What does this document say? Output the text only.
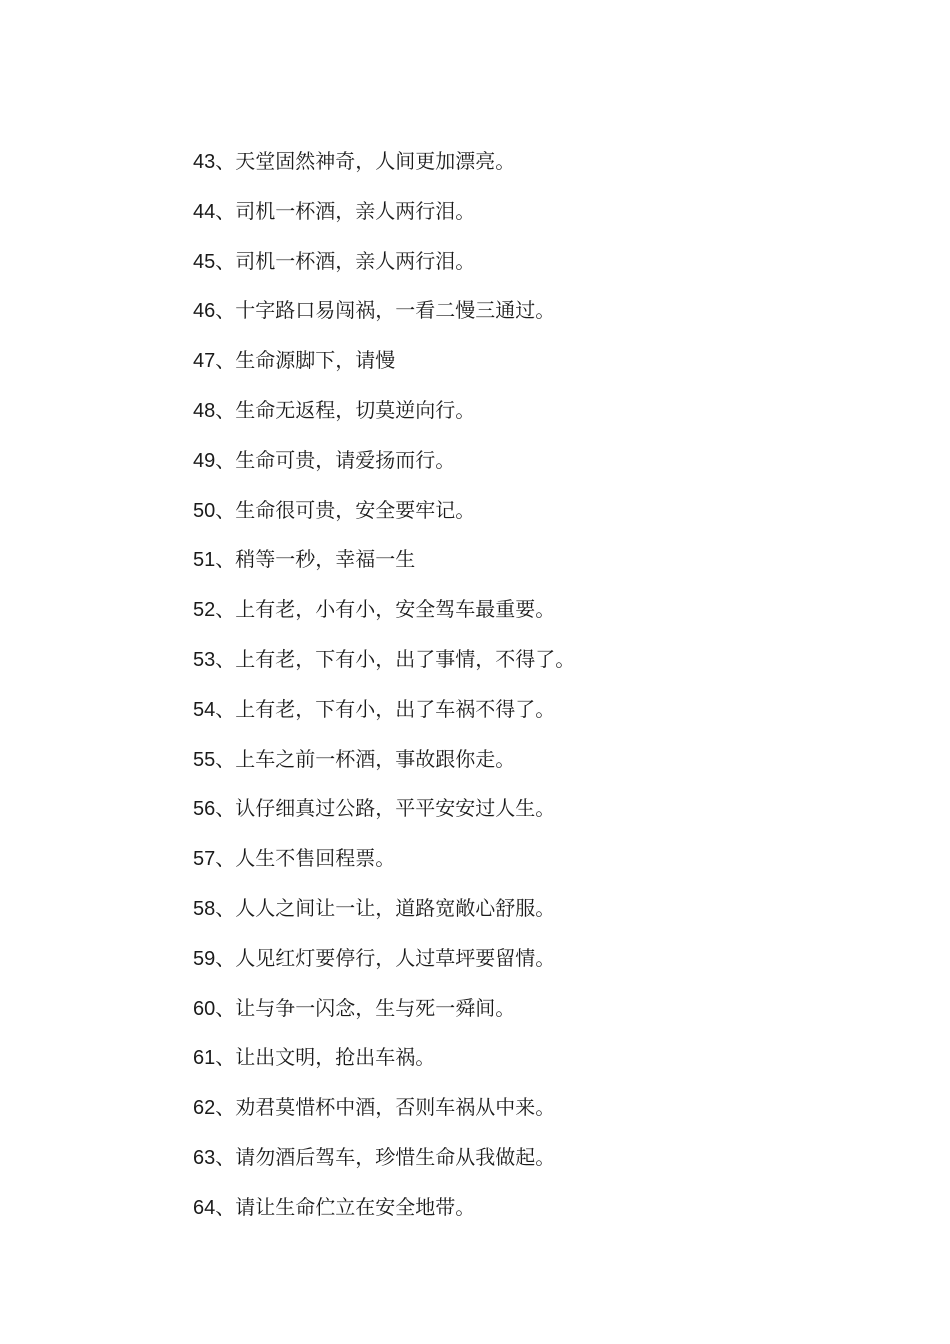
43、天堂固然神奇，人间更加漂亮。
44、司机一杯酒，亲人两行泪。
45、司机一杯酒，亲人两行泪。
46、十字路口易闯祸，一看二慢三通过。
47、生命源脚下，请慢
48、生命无返程，切莫逆向行。
49、生命可贵，请爱扬而行。
50、生命很可贵，安全要牢记。
51、稍等一秒，幸福一生
52、上有老，小有小，安全驾车最重要。
53、上有老，下有小，出了事情，不得了。
54、上有老，下有小，出了车祸不得了。
55、上车之前一杯酒，事故跟你走。
56、认仔细真过公路，平平安安过人生。
57、人生不售回程票。
58、人人之间让一让，道路宽敞心舒服。
59、人见红灯要停行，人过草坪要留情。
60、让与争一闪念，生与死一舜间。
61、让出文明，抢出车祸。
62、劝君莫惜杯中酒，否则车祸从中来。
63、请勿酒后驾车，珍惜生命从我做起。
64、请让生命伫立在安全地带。
